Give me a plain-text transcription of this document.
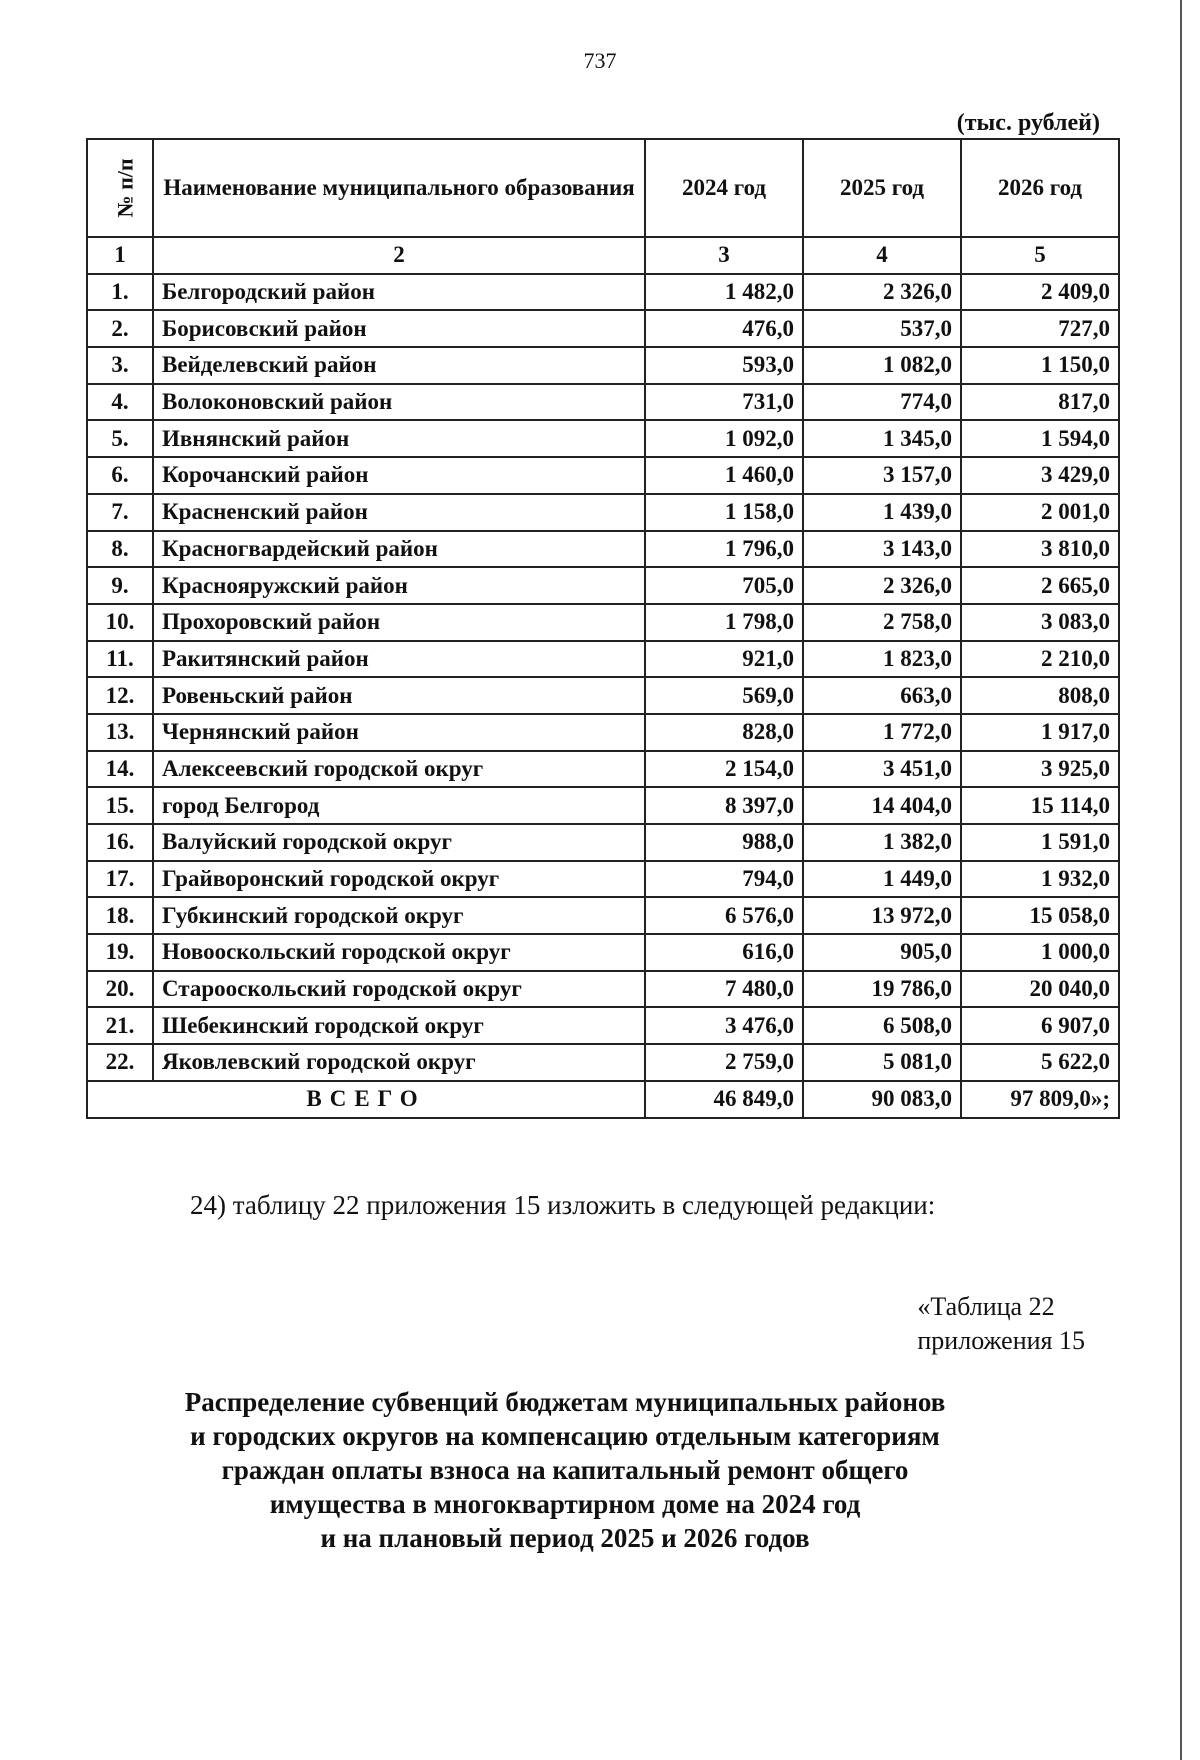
737
(тыс. рублей)
№ п/п	Наименование муниципального образования	2024 год	2025 год	2026 год
1	2	3	4	5
1.	Белгородский район	1 482,0	2 326,0	2 409,0
2.	Борисовский район	476,0	537,0	727,0
3.	Вейделевский район	593,0	1 082,0	1 150,0
4.	Волоконовский район	731,0	774,0	817,0
5.	Ивнянский район	1 092,0	1 345,0	1 594,0
6.	Корочанский район	1 460,0	3 157,0	3 429,0
7.	Красненский район	1 158,0	1 439,0	2 001,0
8.	Красногвардейский район	1 796,0	3 143,0	3 810,0
9.	Краснояружский район	705,0	2 326,0	2 665,0
10.	Прохоровский район	1 798,0	2 758,0	3 083,0
11.	Ракитянский район	921,0	1 823,0	2 210,0
12.	Ровеньский район	569,0	663,0	808,0
13.	Чернянский район	828,0	1 772,0	1 917,0
14.	Алексеевский городской округ	2 154,0	3 451,0	3 925,0
15.	город Белгород	8 397,0	14 404,0	15 114,0
16.	Валуйский городской округ	988,0	1 382,0	1 591,0
17.	Грайворонский городской округ	794,0	1 449,0	1 932,0
18.	Губкинский городской округ	6 576,0	13 972,0	15 058,0
19.	Новооскольский городской округ	616,0	905,0	1 000,0
20.	Старооскольский городской округ	7 480,0	19 786,0	20 040,0
21.	Шебекинский городской округ	3 476,0	6 508,0	6 907,0
22.	Яковлевский городской округ	2 759,0	5 081,0	5 622,0
ВСЕГО		46 849,0	90 083,0	97 809,0»;
24) таблицу 22 приложения 15 изложить в следующей редакции:
«Таблица 22
приложения 15
Распределение субвенций бюджетам муниципальных районов
и городских округов на компенсацию отдельным категориям
граждан оплаты взноса на капитальный ремонт общего
имущества в многоквартирном доме на 2024 год
и на плановый период 2025 и 2026 годов
